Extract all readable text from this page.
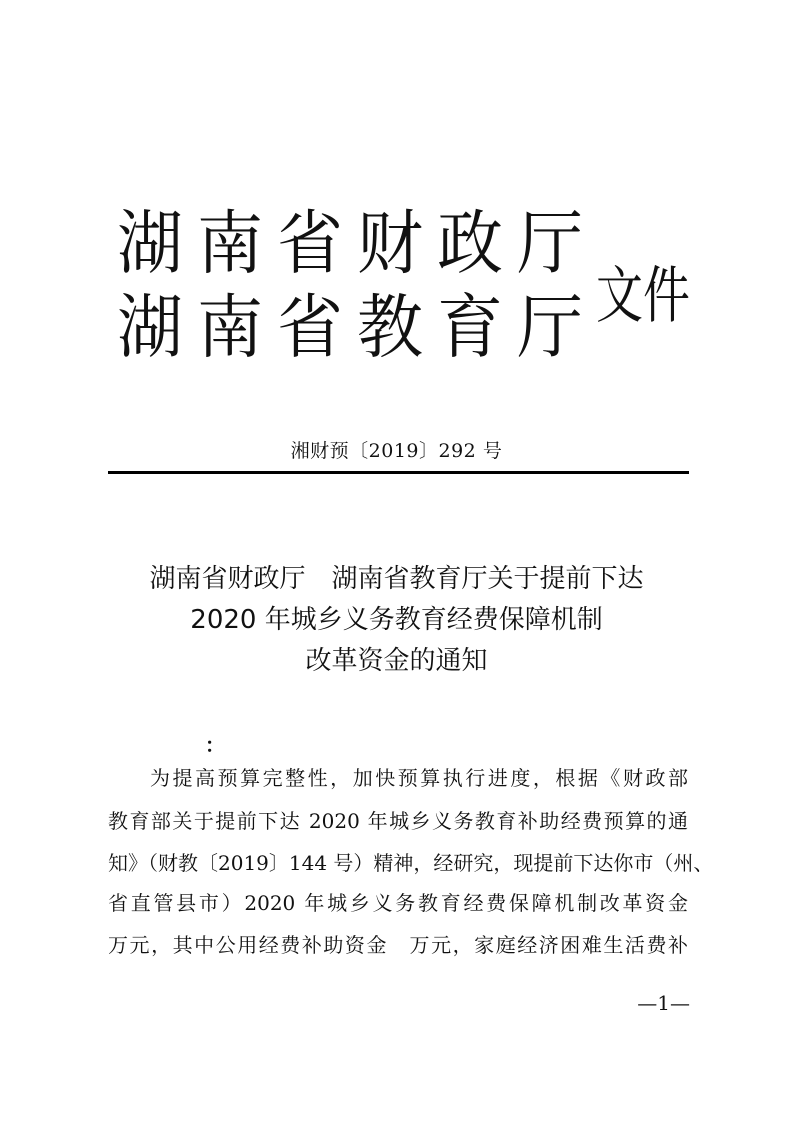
湖南省财政厅
湖南省教育厅 文件
湘财预〔2019〕292 号
湖南省财政厅　湖南省教育厅关于提前下达
2020 年城乡义务教育经费保障机制
改革资金的通知
：
为提高预算完整性，加快预算执行进度，根据《财政部
教育部关于提前下达 2020 年城乡义务教育补助经费预算的通
知》（财教〔2019〕144 号）精神，经研究，现提前下达你市（州、
省直管县市）2020 年城乡义务教育经费保障机制改革资金
万元，其中公用经费补助资金　万元，家庭经济困难生活费补
—1—
